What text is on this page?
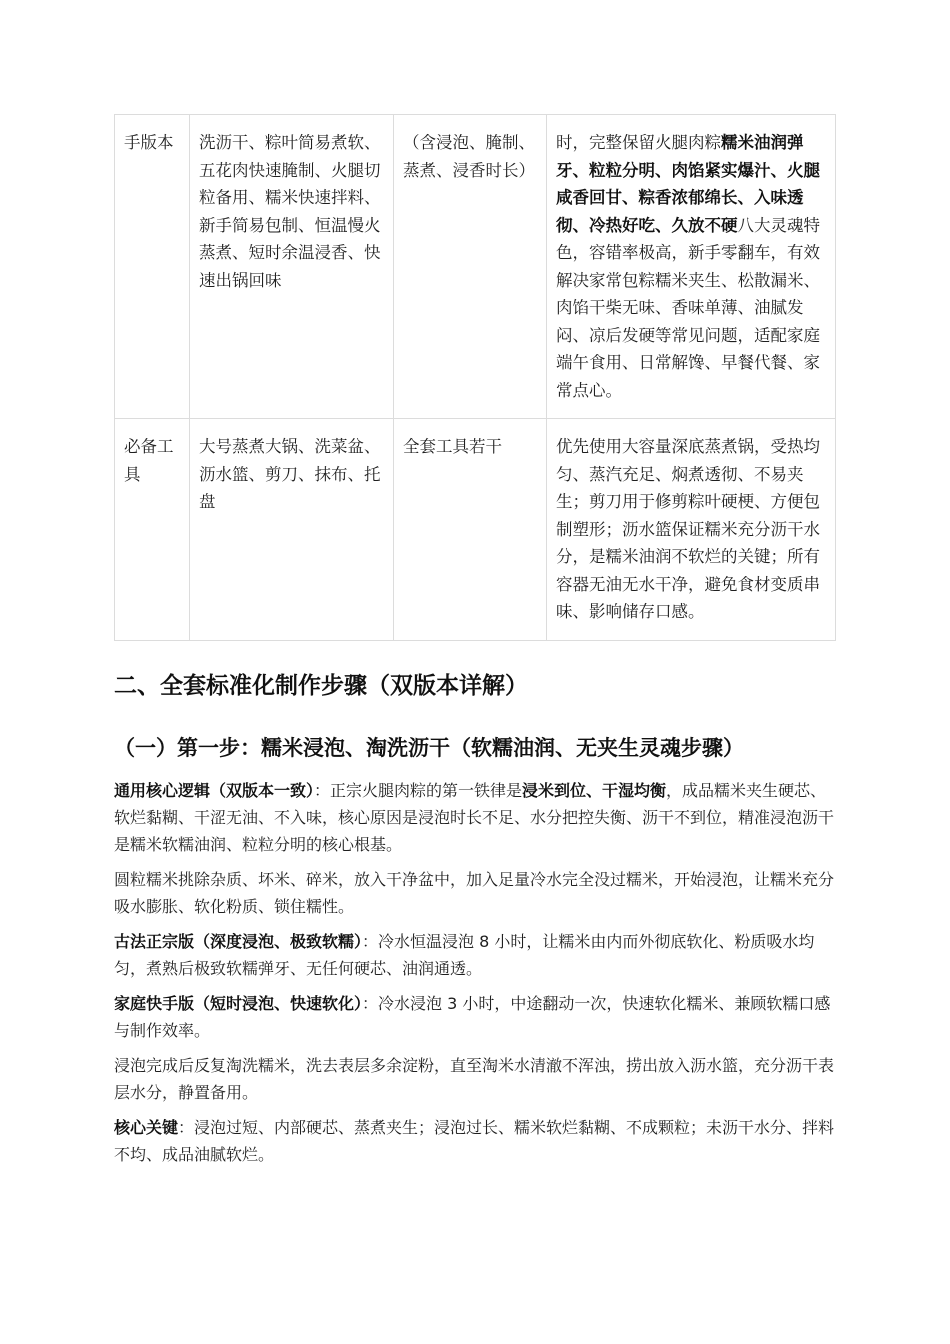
手版本	洗沥干、粽叶简易煮软、五花肉快速腌制、火腿切粒备用、糯米快速拌料、新手简易包制、恒温慢火蒸煮、短时余温浸香、快速出锅回味	（含浸泡、腌制、蒸煮、浸香时长）	时，完整保留火腿肉粽糯米油润弹牙、粒粒分明、肉馅紧实爆汁、火腿咸香回甘、粽香浓郁绵长、入味透彻、冷热好吃、久放不硬八大灵魂特色，容错率极高，新手零翻车，有效解决家常包粽糯米夹生、松散漏米、肉馅干柴无味、香味单薄、油腻发闷、凉后发硬等常见问题，适配家庭端午食用、日常解馋、早餐代餐、家常点心。
必备工具	大号蒸煮大锅、洗菜盆、沥水篮、剪刀、抹布、托盘	全套工具若干	优先使用大容量深底蒸煮锅，受热均匀、蒸汽充足、焖煮透彻、不易夹生；剪刀用于修剪粽叶硬梗、方便包制塑形；沥水篮保证糯米充分沥干水分，是糯米油润不软烂的关键；所有容器无油无水干净，避免食材变质串味、影响储存口感。
二、全套标准化制作步骤（双版本详解）
（一）第一步：糯米浸泡、淘洗沥干（软糯油润、无夹生灵魂步骤）

通用核心逻辑（双版本一致）：正宗火腿肉粽的第一铁律是浸米到位、干湿均衡，成品糯米夹生硬芯、软烂黏糊、干涩无油、不入味，核心原因是浸泡时长不足、水分把控失衡、沥干不到位，精准浸泡沥干是糯米软糯油润、粒粒分明的核心根基。

圆粒糯米挑除杂质、坏米、碎米，放入干净盆中，加入足量冷水完全没过糯米，开始浸泡，让糯米充分吸水膨胀、软化粉质、锁住糯性。

古法正宗版（深度浸泡、极致软糯）：冷水恒温浸泡 8 小时，让糯米由内而外彻底软化、粉质吸水均匀，煮熟后极致软糯弹牙、无任何硬芯、油润通透。

家庭快手版（短时浸泡、快速软化）：冷水浸泡 3 小时，中途翻动一次，快速软化糯米、兼顾软糯口感与制作效率。

浸泡完成后反复淘洗糯米，洗去表层多余淀粉，直至淘米水清澈不浑浊，捞出放入沥水篮，充分沥干表层水分，静置备用。

核心关键：浸泡过短、内部硬芯、蒸煮夹生；浸泡过长、糯米软烂黏糊、不成颗粒；未沥干水分、拌料不均、成品油腻软烂。
